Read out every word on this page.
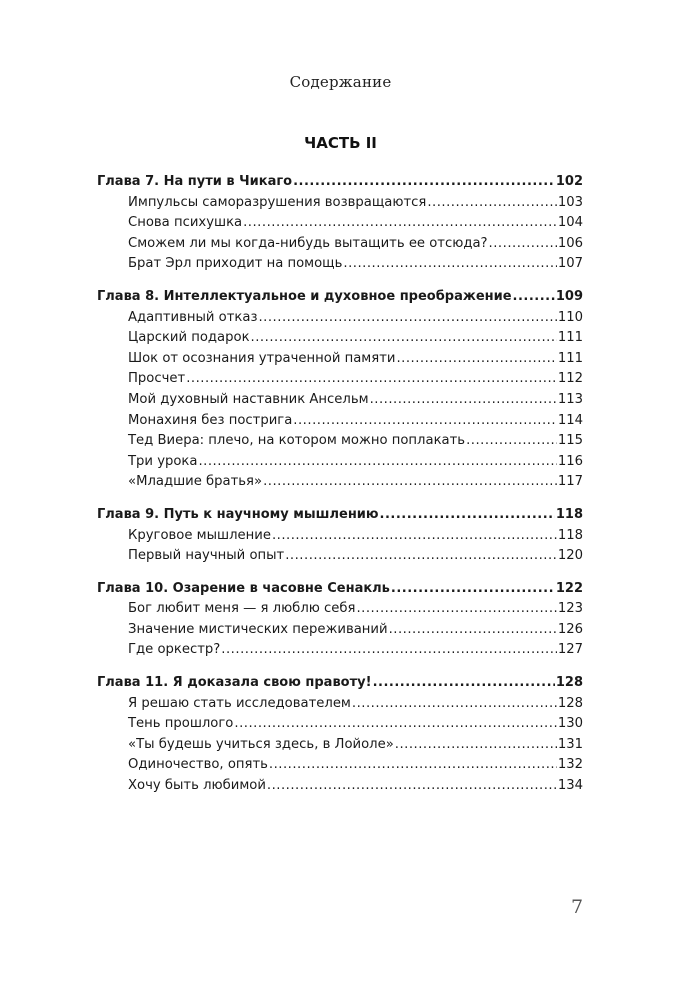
Содержание
ЧАСТЬ II
Глава 7. На пути в Чикаго .....	102
Импульсы саморазрушения возвращаются .....	103
Снова психушка .....	104
Сможем ли мы когда-нибудь вытащить ее отсюда? .....	106
Брат Эрл приходит на помощь .....	107
Глава 8. Интеллектуальное и духовное преображение .....	109
Адаптивный отказ .....	110
Царский подарок .....	111
Шок от осознания утраченной памяти .....	111
Просчет .....	112
Мой духовный наставник Ансельм .....	113
Монахиня без пострига .....	114
Тед Виера: плечо, на котором можно поплакать .....	115
Три урока .....	116
«Младшие братья» .....	117
Глава 9. Путь к научному мышлению .....	118
Круговое мышление .....	118
Первый научный опыт .....	120
Глава 10. Озарение в часовне Сенакль .....	122
Бог любит меня — я люблю себя .....	123
Значение мистических переживаний .....	126
Где оркестр? .....	127
Глава 11. Я доказала свою правоту! .....	128
Я решаю стать исследователем .....	128
Тень прошлого .....	130
«Ты будешь учиться здесь, в Лойоле» .....	131
Одиночество, опять .....	132
Хочу быть любимой .....	134
7
